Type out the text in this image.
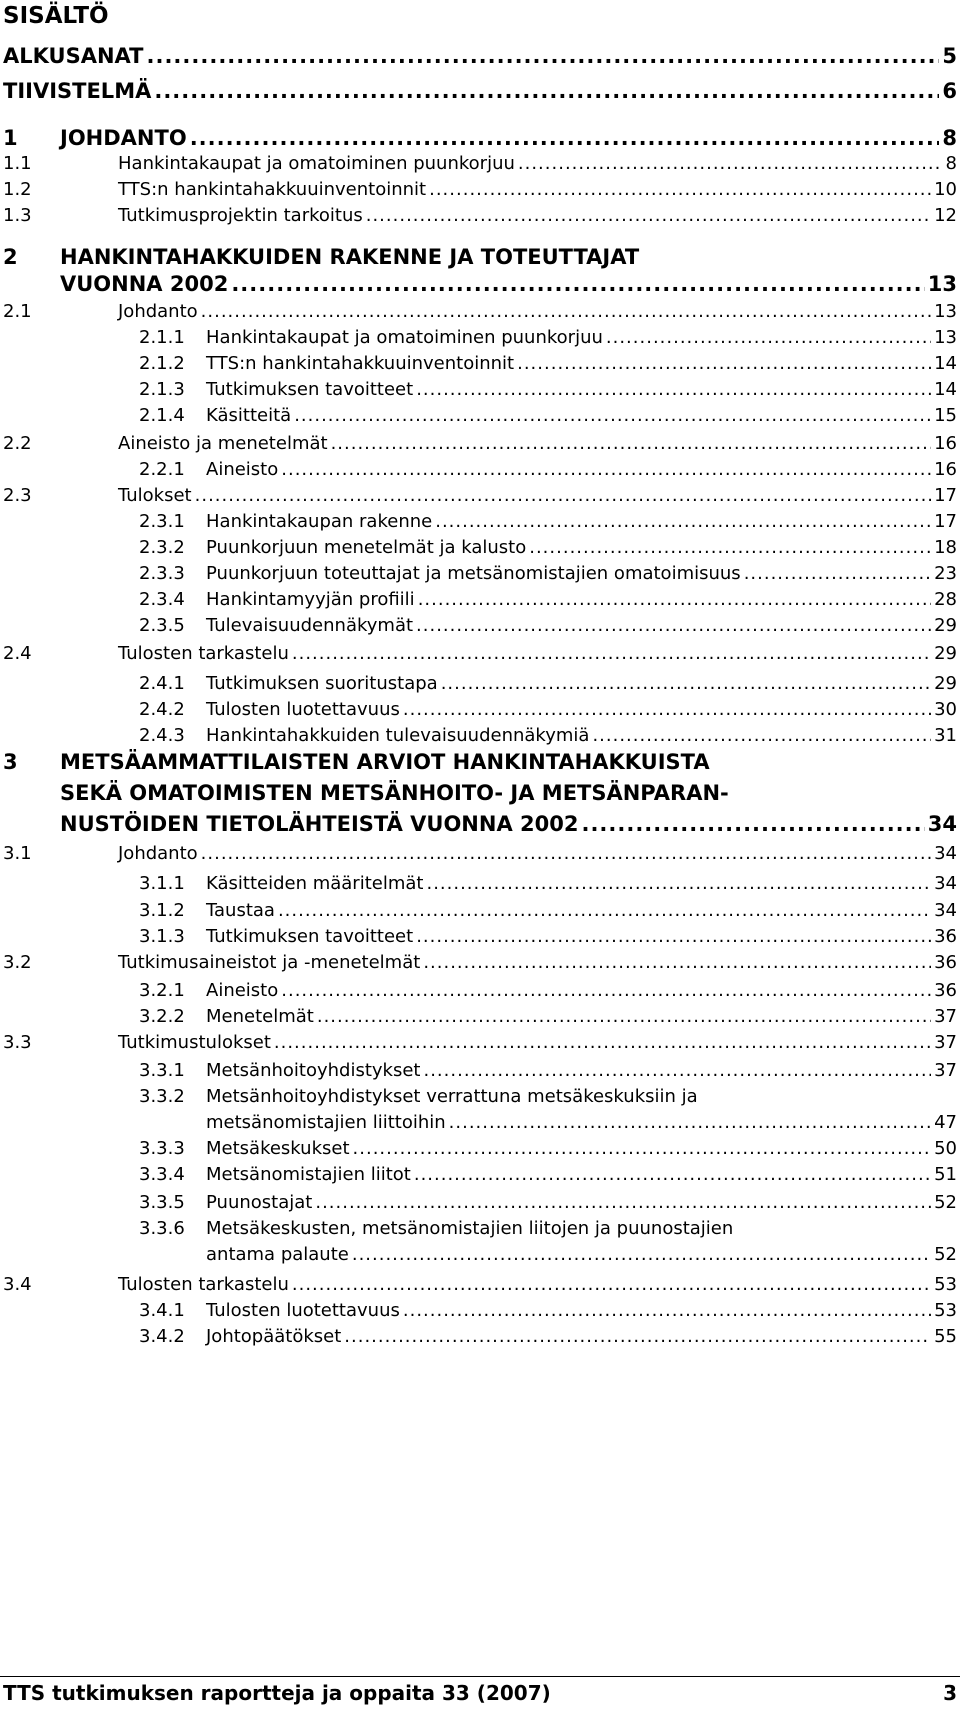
SISÄLTÖ
ALKUSANAT .....	5
TIIVISTELMÄ .....	6
1	JOHDANTO .....	8
1.1	Hankintakaupat ja omatoiminen puunkorjuu .....	8
1.2	TTS:n hankintahakkuuinventoinnit .....	10
1.3	Tutkimusprojektin tarkoitus .....	12
2	HANKINTAHAKKUIDEN RAKENNE JA TOTEUTTAJAT
VUONNA 2002 .....	13
2.1	Johdanto .....	13
2.1.1	Hankintakaupat ja omatoiminen puunkorjuu .....	13
2.1.2	TTS:n hankintahakkuuinventoinnit .....	14
2.1.3	Tutkimuksen tavoitteet .....	14
2.1.4	Käsitteitä .....	15
2.2	Aineisto ja menetelmät .....	16
2.2.1	Aineisto .....	16
2.3	Tulokset .....	17
2.3.1	Hankintakaupan rakenne .....	17
2.3.2	Puunkorjuun menetelmät ja kalusto .....	18
2.3.3	Puunkorjuun toteuttajat ja metsänomistajien omatoimisuus .....	23
2.3.4	Hankintamyyjän profiili .....	28
2.3.5	Tulevaisuudennäkymät .....	29
2.4	Tulosten tarkastelu .....	29
2.4.1	Tutkimuksen suoritustapa .....	29
2.4.2	Tulosten luotettavuus .....	30
2.4.3	Hankintahakkuiden tulevaisuudennäkymiä .....	31
3	METSÄAMMATTILAISTEN ARVIOT HANKINTAHAKKUISTA
SEKÄ OMATOIMISTEN METSÄNHOITO- JA METSÄNPARAN-
NUSTÖIDEN TIETOLÄHTEISTÄ VUONNA 2002 .....	34
3.1	Johdanto .....	34
3.1.1	Käsitteiden määritelmät .....	34
3.1.2	Taustaa .....	34
3.1.3	Tutkimuksen tavoitteet .....	36
3.2	Tutkimusaineistot ja -menetelmät .....	36
3.2.1	Aineisto .....	36
3.2.2	Menetelmät .....	37
3.3	Tutkimustulokset .....	37
3.3.1	Metsänhoitoyhdistykset .....	37
3.3.2	Metsänhoitoyhdistykset verrattuna metsäkeskuksiin ja
metsänomistajien liittoihin .....	47
3.3.3	Metsäkeskukset .....	50
3.3.4	Metsänomistajien liitot .....	51
3.3.5	Puunostajat .....	52
3.3.6	Metsäkeskusten, metsänomistajien liitojen ja puunostajien
antama palaute .....	52
3.4	Tulosten tarkastelu .....	53
3.4.1	Tulosten luotettavuus .....	53
3.4.2	Johtopäätökset .....	55
TTS tutkimuksen raportteja ja oppaita 33 (2007)	3
